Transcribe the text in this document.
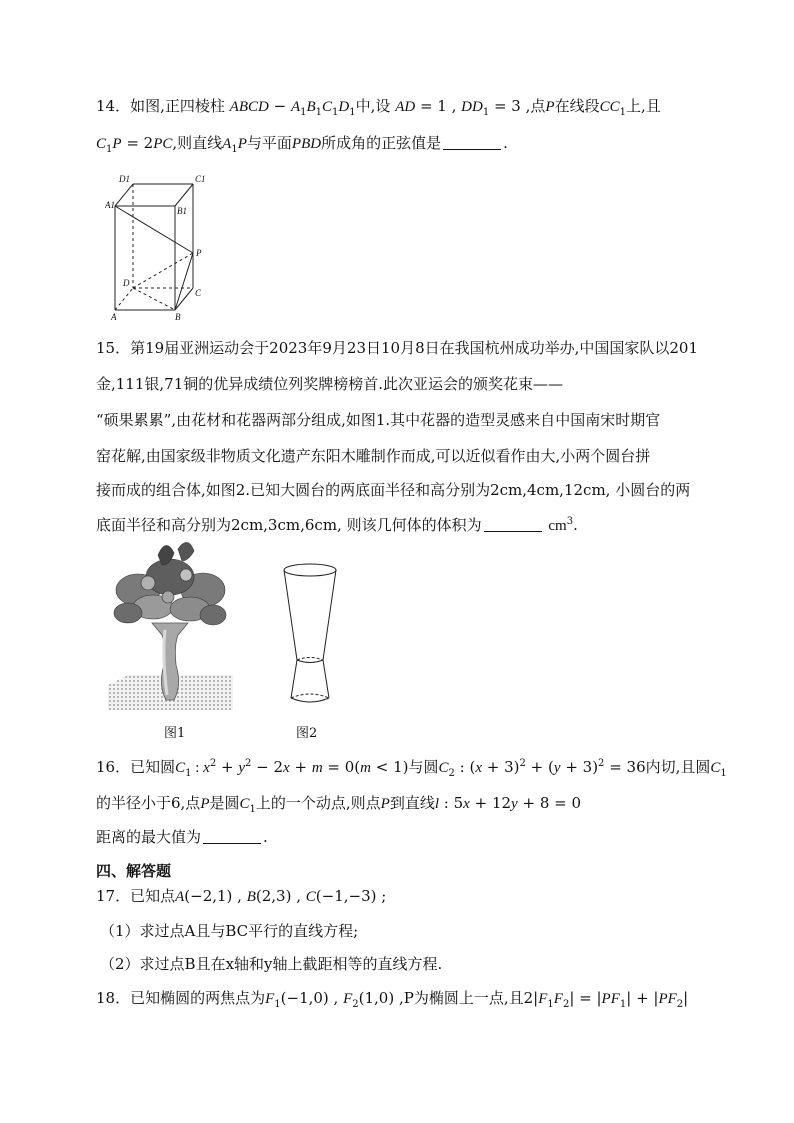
14．如图,正四棱柱 ABCD − $A_1B_1C_1D_1$中,设 AD = 1 , $DD_1 = 3$ ,点P在线段$CC_1$上,且
$C_1P = 2PC$,则直线$A_1P$与平面PBD所成角的正弦值是	.
D1	C1
A1
B1
P
D
C
A	B
15．第19届亚洲运动会于2023年9月23日10月8日在我国杭州成功举办,中国国家队以201
金,111银,71铜的优异成绩位列奖牌榜榜首.此次亚运会的颁奖花束——
“硕果累累”,由花材和花器两部分组成,如图1.其中花器的造型灵感来自中国南宋时期官
窑花解,由国家级非物质文化遗产东阳木雕制作而成,可以近似看作由大,小两个圆台拼
接而成的组合体,如图2.已知大圆台的两底面半径和高分别为2cm,4cm,12cm, 小圆台的两
底面半径和高分别为2cm,3cm,6cm, 则该几何体的体积为	$cm^3$.
图1	图2
16．已知圆$C_1$ : $x^2 + y^2 - 2x + m = 0(m < 1)$与圆$C_2$ : $(x + 3)^2 + (y + 3)^2 = 36$内切,且圆$C_1$
的半径小于6,点P是圆$C_1$上的一个动点,则点P到直线l : 5x + 12y + 8 = 0
距离的最大值为	.
四、解答题
17．已知点A(−2,1) , B(2,3) , C(−1,−3) ;
（1）求过点A且与BC平行的直线方程;
（2）求过点B且在x轴和y轴上截距相等的直线方程.
18．已知椭圆的两焦点为$F_1(-1,0)$ , $F_2(1,0)$ ,P为椭圆上一点,且$2|F_1F_2| = |PF_1| + |PF_2|$
